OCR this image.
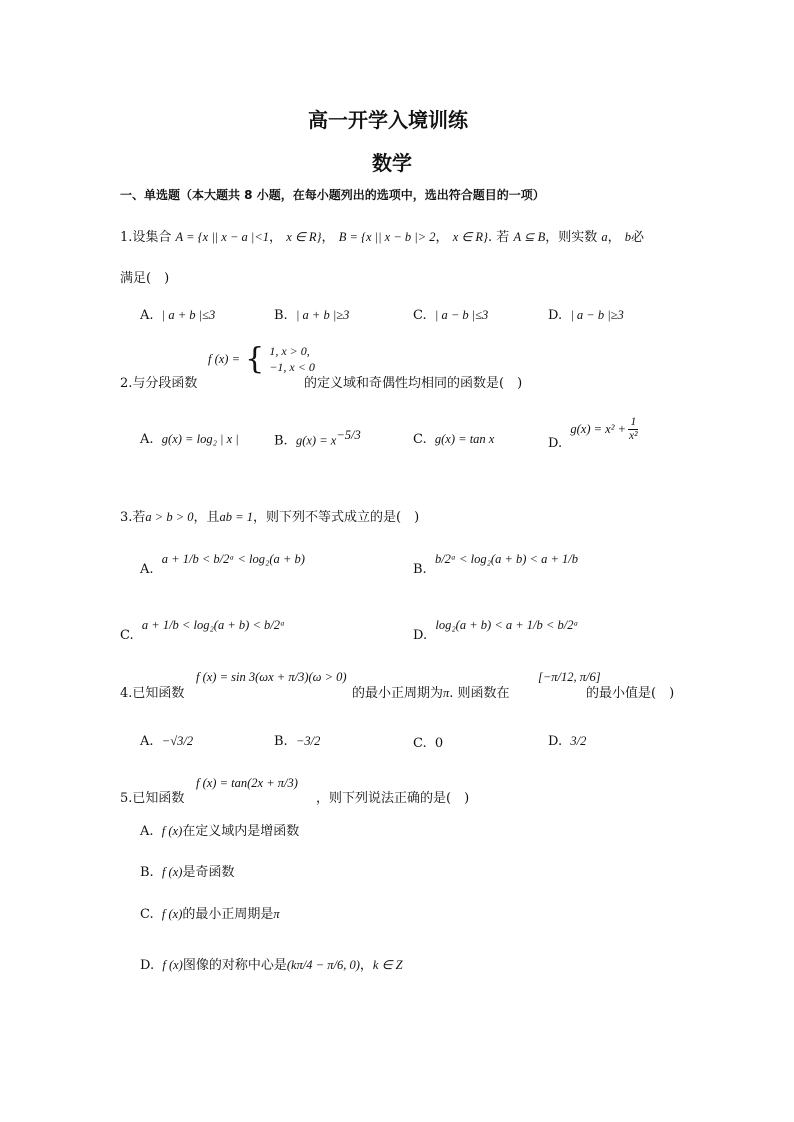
高一开学入境训练
数学
一、单选题（本大题共 8 小题，在每小题列出的选项中，选出符合题目的一项）
1.设集合 A = {x || x − a |<1， x ∈ R}， B = {x || x − b |> 2， x ∈ R}. 若 A ⊆ B，则实数 a， b必
满足(　)
A. | a + b |≤3	B. | a + b |≥3	C. | a − b |≤3	D. | a − b |≥3
2.与分段函数
f (x) = { 1, x > 0,
−1, x < 0
的定义域和奇偶性均相同的函数是(　)
A. g(x) = log₂ | x |	B. $g(x) = x^{-5/3}$	C. g(x) = tan x	D.  $g(x) = x^2 + \frac{1}{\text{x²}}$
3.若a > b > 0，且ab = 1，则下列不等式成立的是(　)
A.  a + 1/b < b/2ᵃ < log₂(a + b)
B.  b/2ᵃ < log₂(a + b) < a + 1/b
C.  a + 1/b < log₂(a + b) < b/2ᵃ
D.  log₂(a + b) < a + 1/b < b/2ᵃ
4.已知函数
f (x) = sin 3(ωx + π/3)(ω > 0)
的最小正周期为π. 则函数在
[−π/12, π/6]
的最小值是(　)
A. −√3/2	B. −3/2	C. 0	D. 3/2
5.已知函数
f (x) = tan(2x + π/3)
，则下列说法正确的是(　)
A. f (x)在定义域内是增函数
B. f (x)是奇函数
C. f (x)的最小正周期是π
D. f (x)图像的对称中心是(kπ/4 − π/6, 0)，k ∈ Z
